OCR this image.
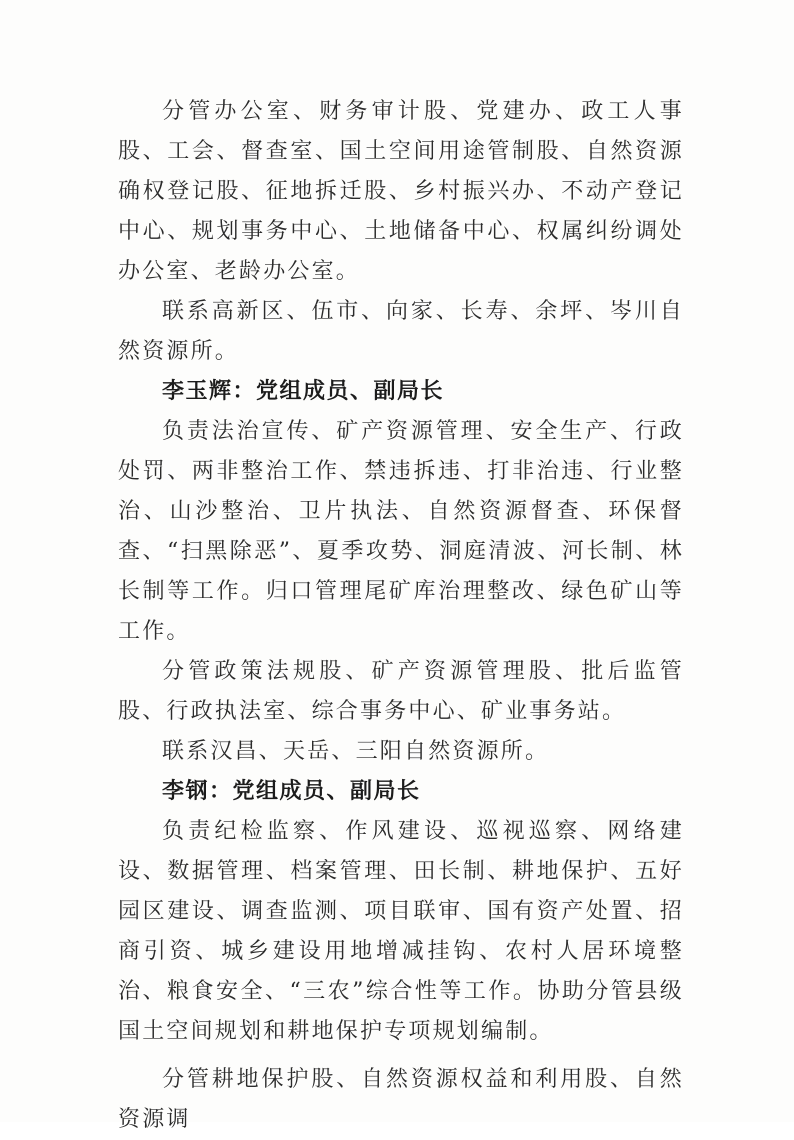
分管办公室、财务审计股、党建办、政工人事股、工会、督查室、国土空间用途管制股、自然资源确权登记股、征地拆迁股、乡村振兴办、不动产登记中心、规划事务中心、土地储备中心、权属纠纷调处办公室、老龄办公室。

联系高新区、伍市、向家、长寿、余坪、岑川自然资源所。

李玉辉：党组成员、副局长

负责法治宣传、矿产资源管理、安全生产、行政处罚、两非整治工作、禁违拆违、打非治违、行业整治、山沙整治、卫片执法、自然资源督查、环保督查、“扫黑除恶”、夏季攻势、洞庭清波、河长制、林长制等工作。归口管理尾矿库治理整改、绿色矿山等工作。

分管政策法规股、矿产资源管理股、批后监管股、行政执法室、综合事务中心、矿业事务站。

联系汉昌、天岳、三阳自然资源所。

李钢：党组成员、副局长

负责纪检监察、作风建设、巡视巡察、网络建设、数据管理、档案管理、田长制、耕地保护、五好园区建设、调查监测、项目联审、国有资产处置、招商引资、城乡建设用地增减挂钩、农村人居环境整治、粮食安全、“三农”综合性等工作。协助分管县级国土空间规划和耕地保护专项规划编制。

分管耕地保护股、自然资源权益和利用股、自然资源调
